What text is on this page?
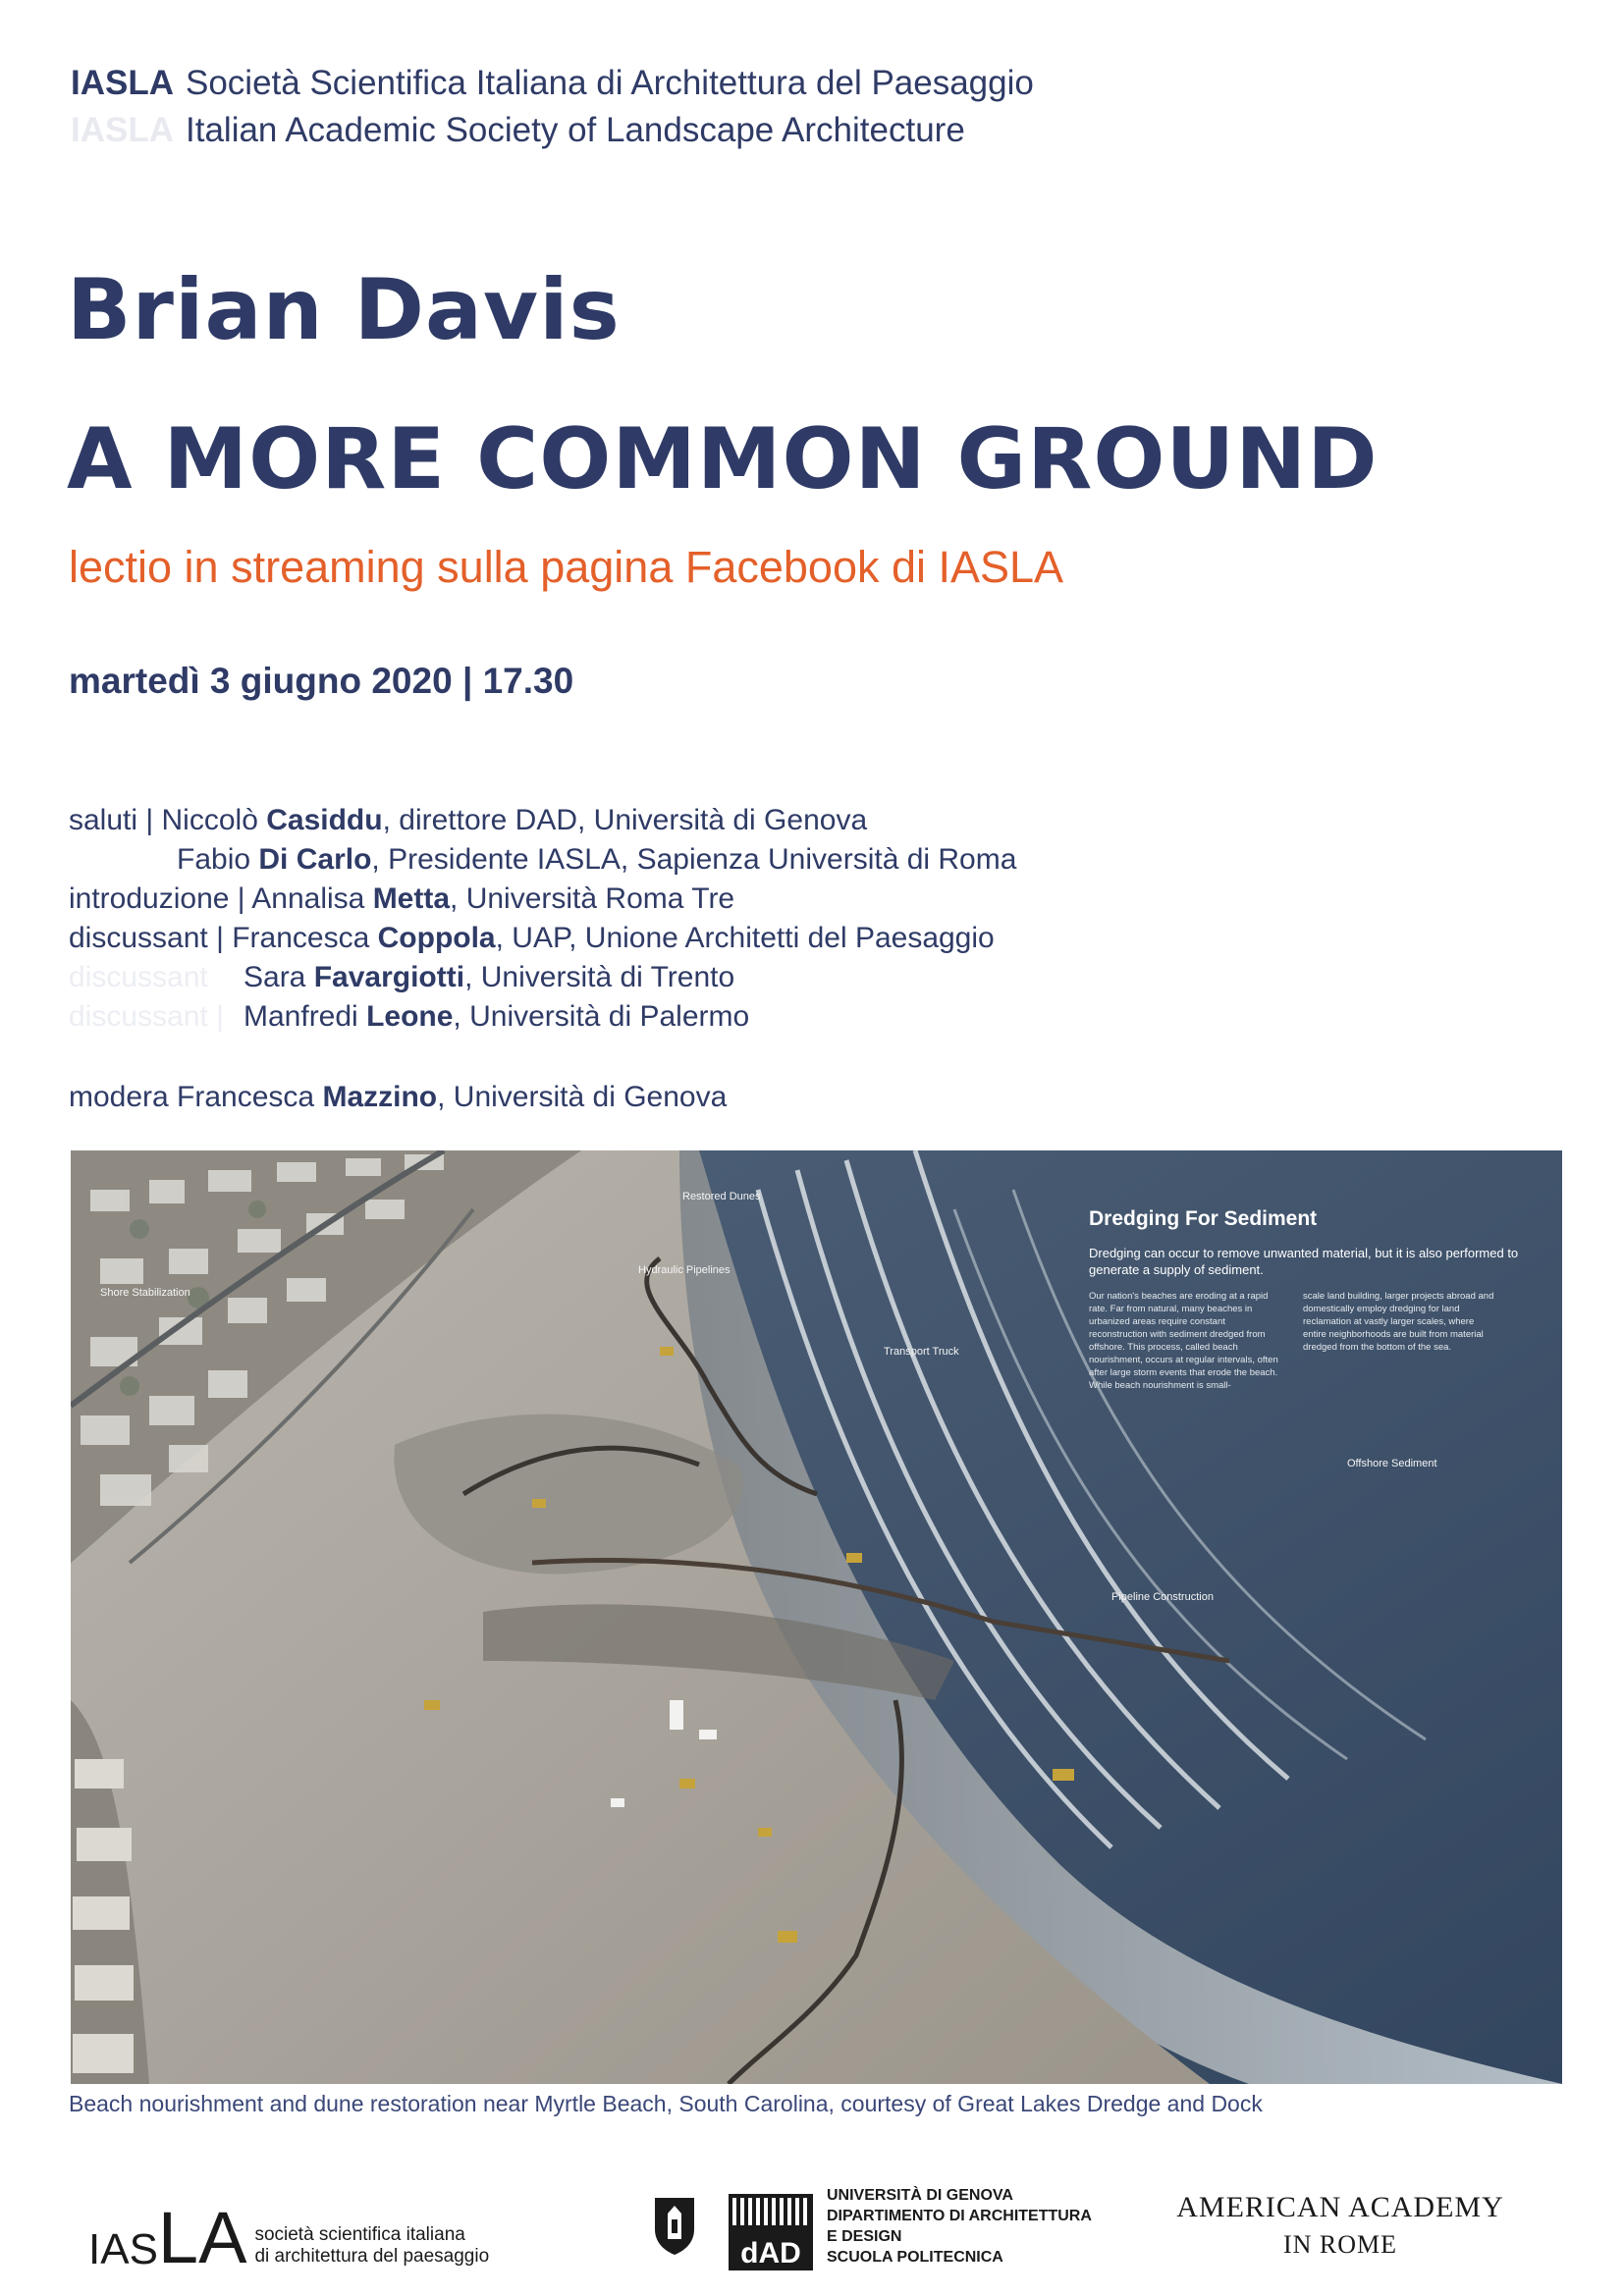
IASLA Società Scientifica Italiana di Architettura del Paesaggio
IASLA Italian Academic Society of Landscape Architecture
Brian Davis
A MORE COMMON GROUND
lectio in streaming sulla pagina Facebook di IASLA
martedì 3 giugno 2020 | 17.30
saluti | Niccolò Casiddu, direttore DAD, Università di Genova
Fabio Di Carlo, Presidente IASLA, Sapienza Università di Roma
introduzione | Annalisa Metta, Università Roma Tre
discussant | Francesca Coppola, UAP, Unione Architetti del Paesaggio
discussant Sara Favargiotti, Università di Trento
discussant | Manfredi Leone, Università di Palermo
modera Francesca Mazzino, Università di Genova
Restored Dunes
Hydraulic Pipelines
Shore Stabilization
Transport Truck
Offshore Sediment
Pipeline Construction
Dredging For Sediment
Dredging can occur to remove unwanted material, but it is also performed to generate a supply of sediment.
Our nation's beaches are eroding at a rapid rate. Far from natural, many beaches in urbanized areas require constant reconstruction with sediment dredged from offshore. This process, called beach nourishment, occurs at regular intervals, often after large storm events that erode the beach. While beach nourishment is small-
scale land building, larger projects abroad and domestically employ dredging for land reclamation at vastly larger scales, where entire neighborhoods are built from material dredged from the bottom of the sea.
Beach nourishment and dune restoration near Myrtle Beach, South Carolina, courtesy of Great Lakes Dredge and Dock
IAS LA società scientifica italiana
di architettura del paesaggio	dAD
UNIVERSITÀ DI GENOVA
DIPARTIMENTO DI ARCHITETTURA
E DESIGN
SCUOLA POLITECNICA
AMERICAN ACADEMY
IN ROME
